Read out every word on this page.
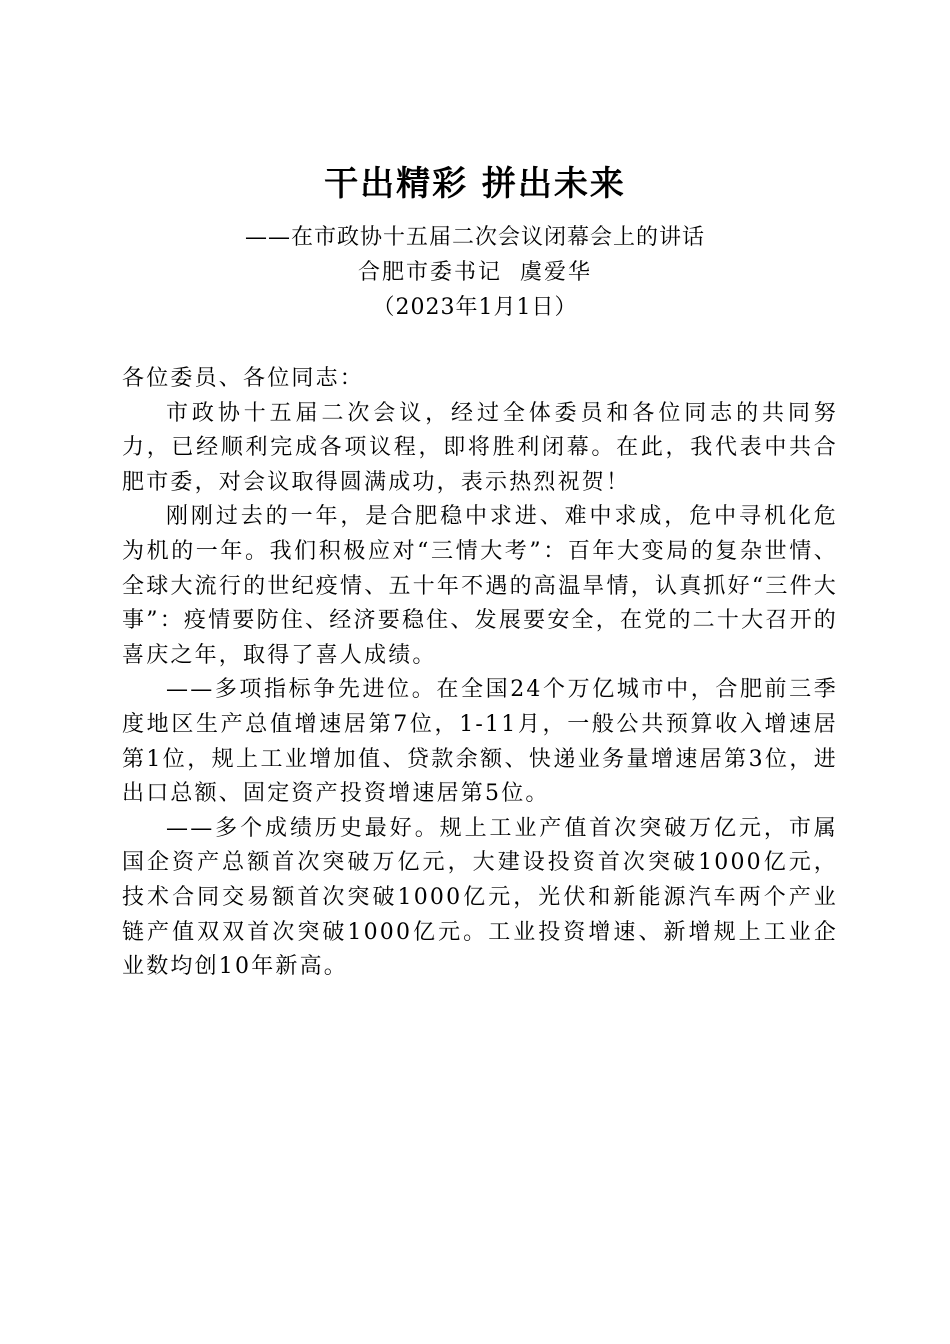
干出精彩 拼出未来
——在市政协十五届二次会议闭幕会上的讲话
合肥市委书记  虞爱华
（2023年1月1日）

各位委员、各位同志：

市政协十五届二次会议，经过全体委员和各位同志的共同努力，已经顺利完成各项议程，即将胜利闭幕。在此，我代表中共合肥市委，对会议取得圆满成功，表示热烈祝贺！

刚刚过去的一年，是合肥稳中求进、难中求成，危中寻机化危为机的一年。我们积极应对“三情大考”：百年大变局的复杂世情、全球大流行的世纪疫情、五十年不遇的高温旱情，认真抓好“三件大事”：疫情要防住、经济要稳住、发展要安全，在党的二十大召开的喜庆之年，取得了喜人成绩。

——多项指标争先进位。在全国24个万亿城市中，合肥前三季度地区生产总值增速居第7位，1-11月，一般公共预算收入增速居第1位，规上工业增加值、贷款余额、快递业务量增速居第3位，进出口总额、固定资产投资增速居第5位。

——多个成绩历史最好。规上工业产值首次突破万亿元，市属国企资产总额首次突破万亿元，大建设投资首次突破1000亿元，技术合同交易额首次突破1000亿元，光伏和新能源汽车两个产业链产值双双首次突破1000亿元。工业投资增速、新增规上工业企业数均创10年新高。
